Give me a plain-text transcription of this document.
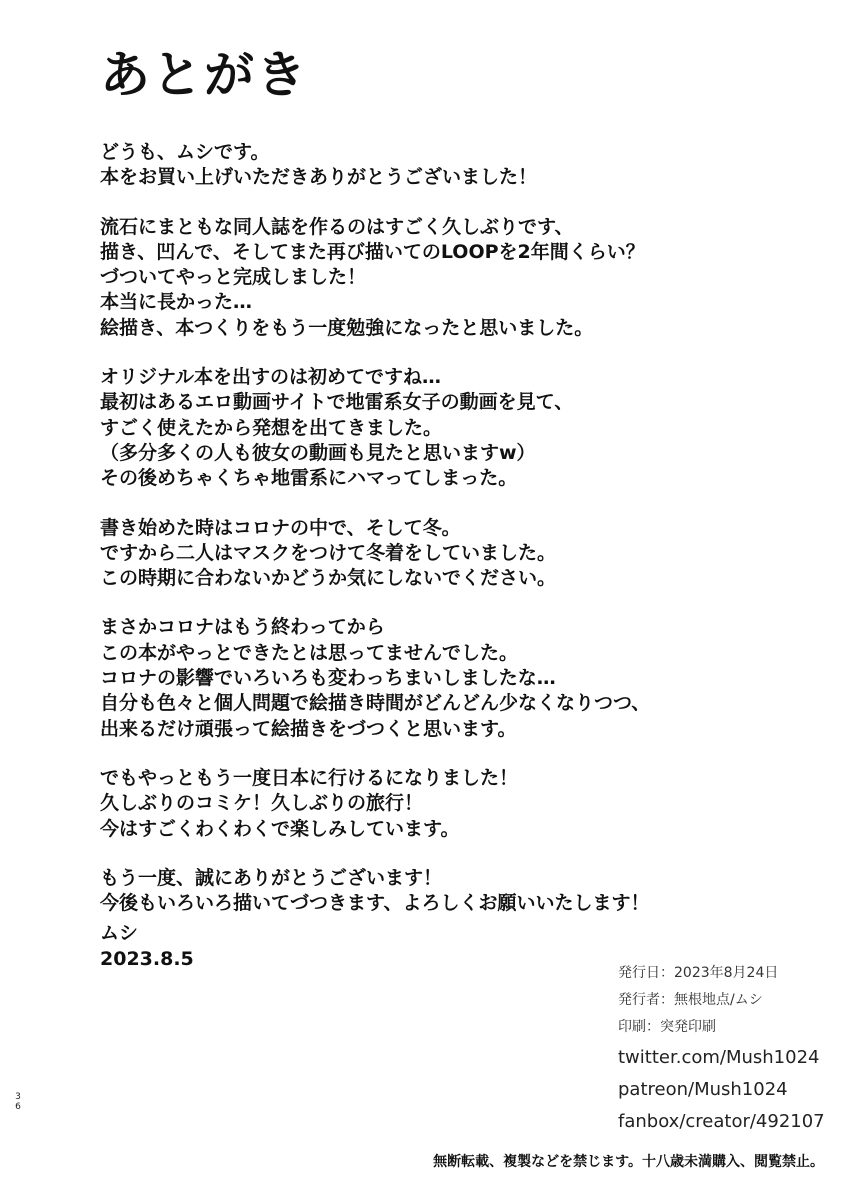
あとがき
どうも、ムシです。
本をお買い上げいただきありがとうございました！
流石にまともな同人誌を作るのはすごく久しぶりです、
描き、凹んで、そしてまた再び描いてのLOOPを2年間くらい？
づついてやっと完成しました！
本当に長かった…
絵描き、本つくりをもう一度勉強になったと思いました。
オリジナル本を出すのは初めてですね…
最初はあるエロ動画サイトで地雷系女子の動画を見て、
すごく使えたから発想を出てきました。
（多分多くの人も彼女の動画も見たと思いますw）
その後めちゃくちゃ地雷系にハマってしまった。
書き始めた時はコロナの中で、そして冬。
ですから二人はマスクをつけて冬着をしていました。
この時期に合わないかどうか気にしないでください。
まさかコロナはもう終わってから
この本がやっとできたとは思ってませんでした。
コロナの影響でいろいろも変わっちまいしましたな…
自分も色々と個人問題で絵描き時間がどんどん少なくなりつつ、
出来るだけ頑張って絵描きをづつくと思います。
でもやっともう一度日本に行けるになりました！
久しぶりのコミケ！久しぶりの旅行！
今はすごくわくわくで楽しみしています。
もう一度、誠にありがとうございます！
今後もいろいろ描いてづつきます、よろしくお願いいたします！
ムシ
2023.8.5
発行日：2023年8月24日
発行者：無根地点/ムシ
印刷：突発印刷
twitter.com/Mush1024
patreon/Mush1024
fanbox/creator/492107
3
6
無断転載、複製などを禁じます。十八歳未満購入、閲覧禁止。
